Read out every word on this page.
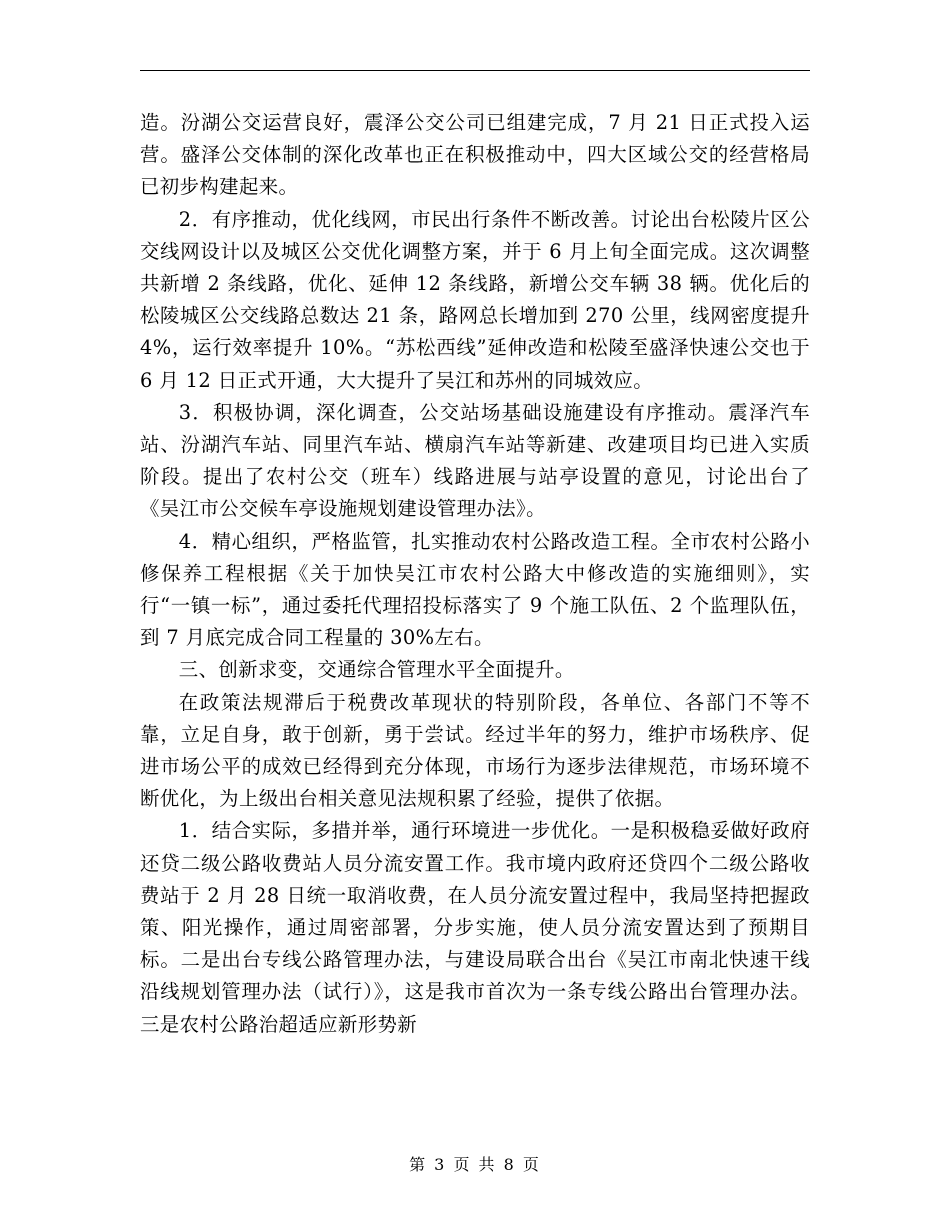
造。汾湖公交运营良好，震泽公交公司已组建完成，7 月 21 日正式投入运营。盛泽公交体制的深化改革也正在积极推动中，四大区域公交的经营格局已初步构建起来。

2．有序推动，优化线网，市民出行条件不断改善。讨论出台松陵片区公交线网设计以及城区公交优化调整方案，并于 6 月上旬全面完成。这次调整共新增 2 条线路，优化、延伸 12 条线路，新增公交车辆 38 辆。优化后的松陵城区公交线路总数达 21 条，路网总长增加到 270 公里，线网密度提升 4%，运行效率提升 10%。“苏松西线”延伸改造和松陵至盛泽快速公交也于 6 月 12 日正式开通，大大提升了吴江和苏州的同城效应。

3．积极协调，深化调查，公交站场基础设施建设有序推动。震泽汽车站、汾湖汽车站、同里汽车站、横扇汽车站等新建、改建项目均已进入实质阶段。提出了农村公交（班车）线路进展与站亭设置的意见，讨论出台了《吴江市公交候车亭设施规划建设管理办法》。

4．精心组织，严格监管，扎实推动农村公路改造工程。全市农村公路小修保养工程根据《关于加快吴江市农村公路大中修改造的实施细则》，实行“一镇一标”，通过委托代理招投标落实了 9 个施工队伍、2 个监理队伍，到 7 月底完成合同工程量的 30%左右。

三、创新求变，交通综合管理水平全面提升。

在政策法规滞后于税费改革现状的特别阶段，各单位、各部门不等不靠，立足自身，敢于创新，勇于尝试。经过半年的努力，维护市场秩序、促进市场公平的成效已经得到充分体现，市场行为逐步法律规范，市场环境不断优化，为上级出台相关意见法规积累了经验，提供了依据。

1．结合实际，多措并举，通行环境进一步优化。一是积极稳妥做好政府还贷二级公路收费站人员分流安置工作。我市境内政府还贷四个二级公路收费站于 2 月 28 日统一取消收费，在人员分流安置过程中，我局坚持把握政策、阳光操作，通过周密部署，分步实施，使人员分流安置达到了预期目标。二是出台专线公路管理办法，与建设局联合出台《吴江市南北快速干线沿线规划管理办法（试行）》，这是我市首次为一条专线公路出台管理办法。三是农村公路治超适应新形势新

第 3 页 共 8 页
